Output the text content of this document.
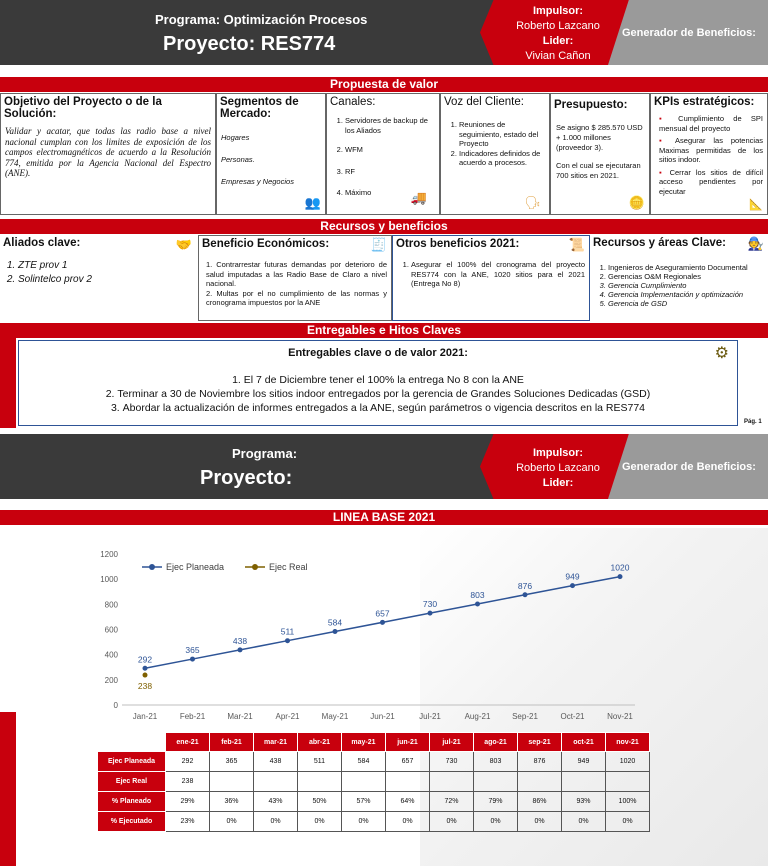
Programa: Optimización Procesos
Proyecto: RES774
Impulsor:
Roberto Lazcano
Lider:
Vivian Cañon
Generador de Beneficios:
Propuesta de valor
Objetivo del Proyecto o de la Solución:
Validar y acatar, que todas las radio base a nivel nacional cumplan con los limites de exposición de los campos electromagnéticos de acuerdo a la Resolución 774, emitida por la Agencia Nacional del Espectro (ANE).
Segmentos de Mercado:
Hogares
Personas.
Empresas y Negocios
👥
Canales:
1. Servidores de backup de los Aliados
2. WFM
3. RF
4. Máximo	🚚
Voz del Cliente:
1. Reuniones de seguimiento, estado del Proyecto
2. Indicadores definidos de acuerdo a procesos.
🗣
Presupuesto:
Se asigno $ 285.570 USD + 1.000 millones (proveedor 3).
Con el cual se ejecutaran 700 sitios en 2021.
🪙
KPIs estratégicos:
▪ Cumplimiento de SPI mensual del proyecto
▪ Asegurar las potencias Maximas permitidas de los sitios indoor.
▪ Cerrar los sitios de difícil acceso pendientes por ejecutar
📐
Recursos y beneficios
Aliados clave:
1. ZTE prov 1
2. Solintelco prov 2
🤝 Beneficio Económicos:
1. Contrarrestar futuras demandas por deterioro de salud imputadas a las Radio Base de Claro a nivel nacional.
2. Multas por el no cumplimiento de las normas y cronograma impuestos por la ANE
🧾 Otros beneficios 2021:
1. Asegurar el 100% del cronograma del proyecto RES774 con la ANE, 1020 sitios para el 2021 (Entrega No 8)
📜 Recursos y áreas Clave:
1. Ingenieros de Aseguramiento Documental
2. Gerencias O&M Regionales
3. Gerencia Cumplimiento
4. Gerencia Implementación y optimización
5. Gerencia de GSD
🧑‍🔧
Entregables e Hitos Claves
Entregables clave o de valor 2021:
1. El 7 de Diciembre tener el 100% la entrega No 8 con la ANE
2. Terminar a 30 de Noviembre los sitios indoor entregados por la gerencia de Grandes Soluciones Dedicadas (GSD)
3. Abordar la actualización de informes entregados a la ANE, según parámetros o vigencia descritos en la RES774
⚙
Pág. 1
Programa:
Proyecto:
Impulsor:
Roberto Lazcano
Lider:
Generador de Beneficios:
LINEA BASE 2021
0
200
400
600
800
1000
1200
Jan-21	Feb-21	Mar-21	Apr-21	May-21	Jun-21	Jul-21	Aug-21	Sep-21	Oct-21	Nov-21
292
365
438
511
584
657
730
803
876
949
1020
238
Ejec Planeada	Ejec Real
	ene-21	feb-21	mar-21	abr-21	may-21	jun-21	jul-21	ago-21	sep-21	oct-21	nov-21
Ejec Planeada	292	365	438	511	584	657	730	803	876	949	1020
Ejec Real	238										
% Planeado	29%	36%	43%	50%	57%	64%	72%	79%	86%	93%	100%
% Ejecutado	23%	0%	0%	0%	0%	0%	0%	0%	0%	0%	0%
